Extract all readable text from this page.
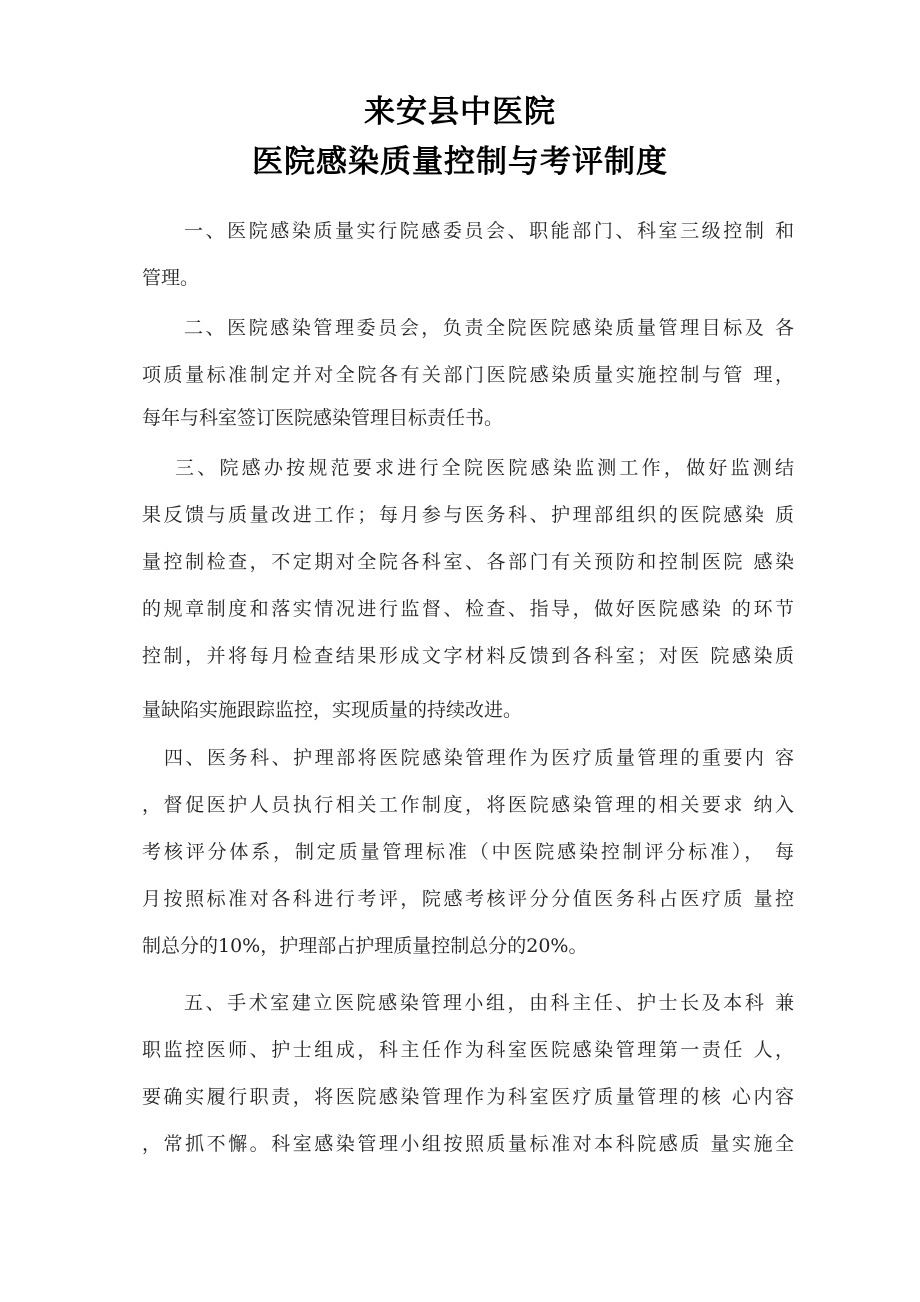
来安县中医院
医院感染质量控制与考评制度
一、医院感染质量实行院感委员会、职能部门、科室三级控制 和
管理。
二、医院感染管理委员会，负责全院医院感染质量管理目标及 各
项质量标准制定并对全院各有关部门医院感染质量实施控制与管 理，
每年与科室签订医院感染管理目标责任书。
三、院感办按规范要求进行全院医院感染监测工作，做好监测结
果反馈与质量改进工作；每月参与医务科、护理部组织的医院感染 质
量控制检查，不定期对全院各科室、各部门有关预防和控制医院 感染
的规章制度和落实情况进行监督、检查、指导，做好医院感染 的环节
控制，并将每月检查结果形成文字材料反馈到各科室；对医 院感染质
量缺陷实施跟踪监控，实现质量的持续改进。
四、医务科、护理部将医院感染管理作为医疗质量管理的重要内 容
，督促医护人员执行相关工作制度，将医院感染管理的相关要求 纳入
考核评分体系，制定质量管理标准（中医院感染控制评分标准）， 每
月按照标准对各科进行考评，院感考核评分分值医务科占医疗质 量控
制总分的10%，护理部占护理质量控制总分的20%。
五、手术室建立医院感染管理小组，由科主任、护士长及本科 兼
职监控医师、护士组成，科主任作为科室医院感染管理第一责任 人，
要确实履行职责，将医院感染管理作为科室医疗质量管理的核 心内容
，常抓不懈。科室感染管理小组按照质量标准对本科院感质 量实施全
